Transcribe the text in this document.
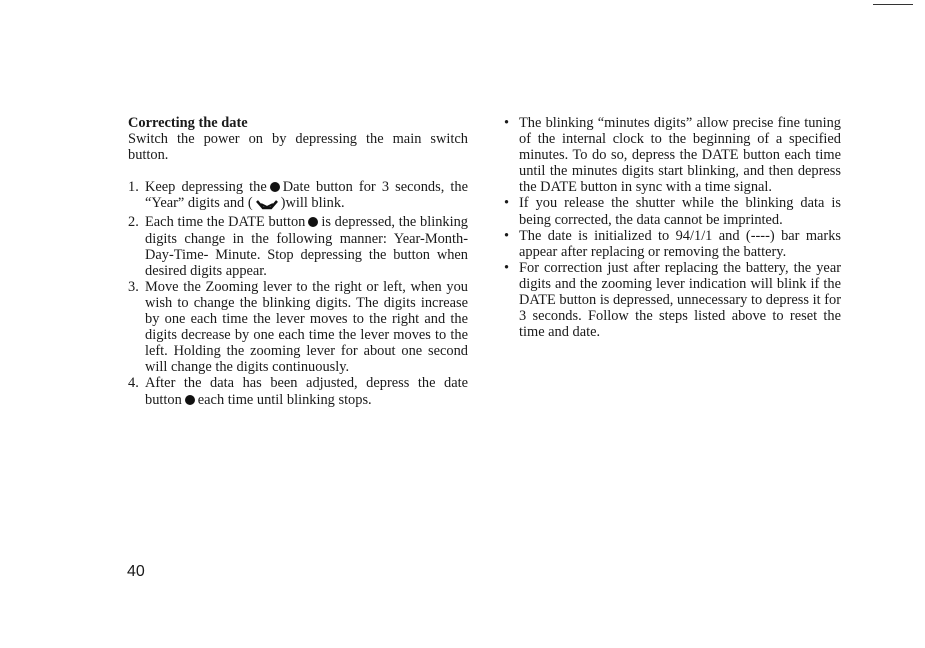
Correcting the date

Switch the power on by depressing the main switch button.

1. Keep depressing the Date button for 3 seconds, the “Year” digits and ( )will blink.
2. Each time the DATE button is depressed, the blinking digits change in the following manner: Year-Month-Day-Time- Minute. Stop depressing the button when desired digits appear.
3. Move the Zooming lever to the right or left, when you wish to change the blinking digits. The digits increase by one each time the lever moves to the right and the digits decrease by one each time the lever moves to the left. Holding the zooming lever for about one second will change the digits continuously.
4. After the data has been adjusted, depress the date button each time until blinking stops.
• The blinking “minutes digits” allow precise fine tuning of the internal clock to the beginning of a specified minutes. To do so, depress the DATE button each time until the minutes digits start blinking, and then depress the DATE button in sync with a time signal.
• If you release the shutter while the blinking data is being corrected, the data cannot be imprinted.
• The date is initialized to 94/1/1 and (----) bar marks appear after replacing or removing the battery.
• For correction just after replacing the battery, the year digits and the zooming lever indication will blink if the DATE button is depressed, unnecessary to depress it for 3 seconds. Follow the steps listed above to reset the time and date.
40
